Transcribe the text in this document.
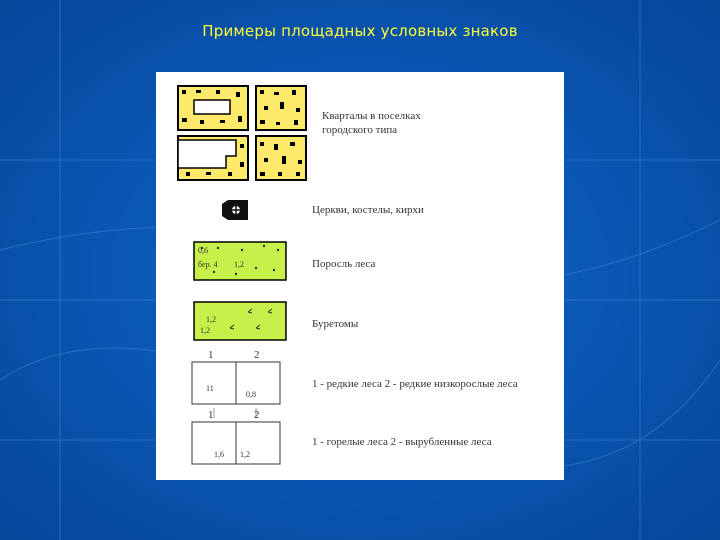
Примеры площадных условных знаков
Кварталы в поселках
городского типа
Церкви, костелы, кирхи
Поросль леса
Буретомы
1	2
1 - редкие леса 2 - редкие низкорослые леса
1	2
1 - горелые леса 2 - вырубленные леса
0,6
бер. 4 1,2
1,2
1,2
11
0,8
1,6 1,2
